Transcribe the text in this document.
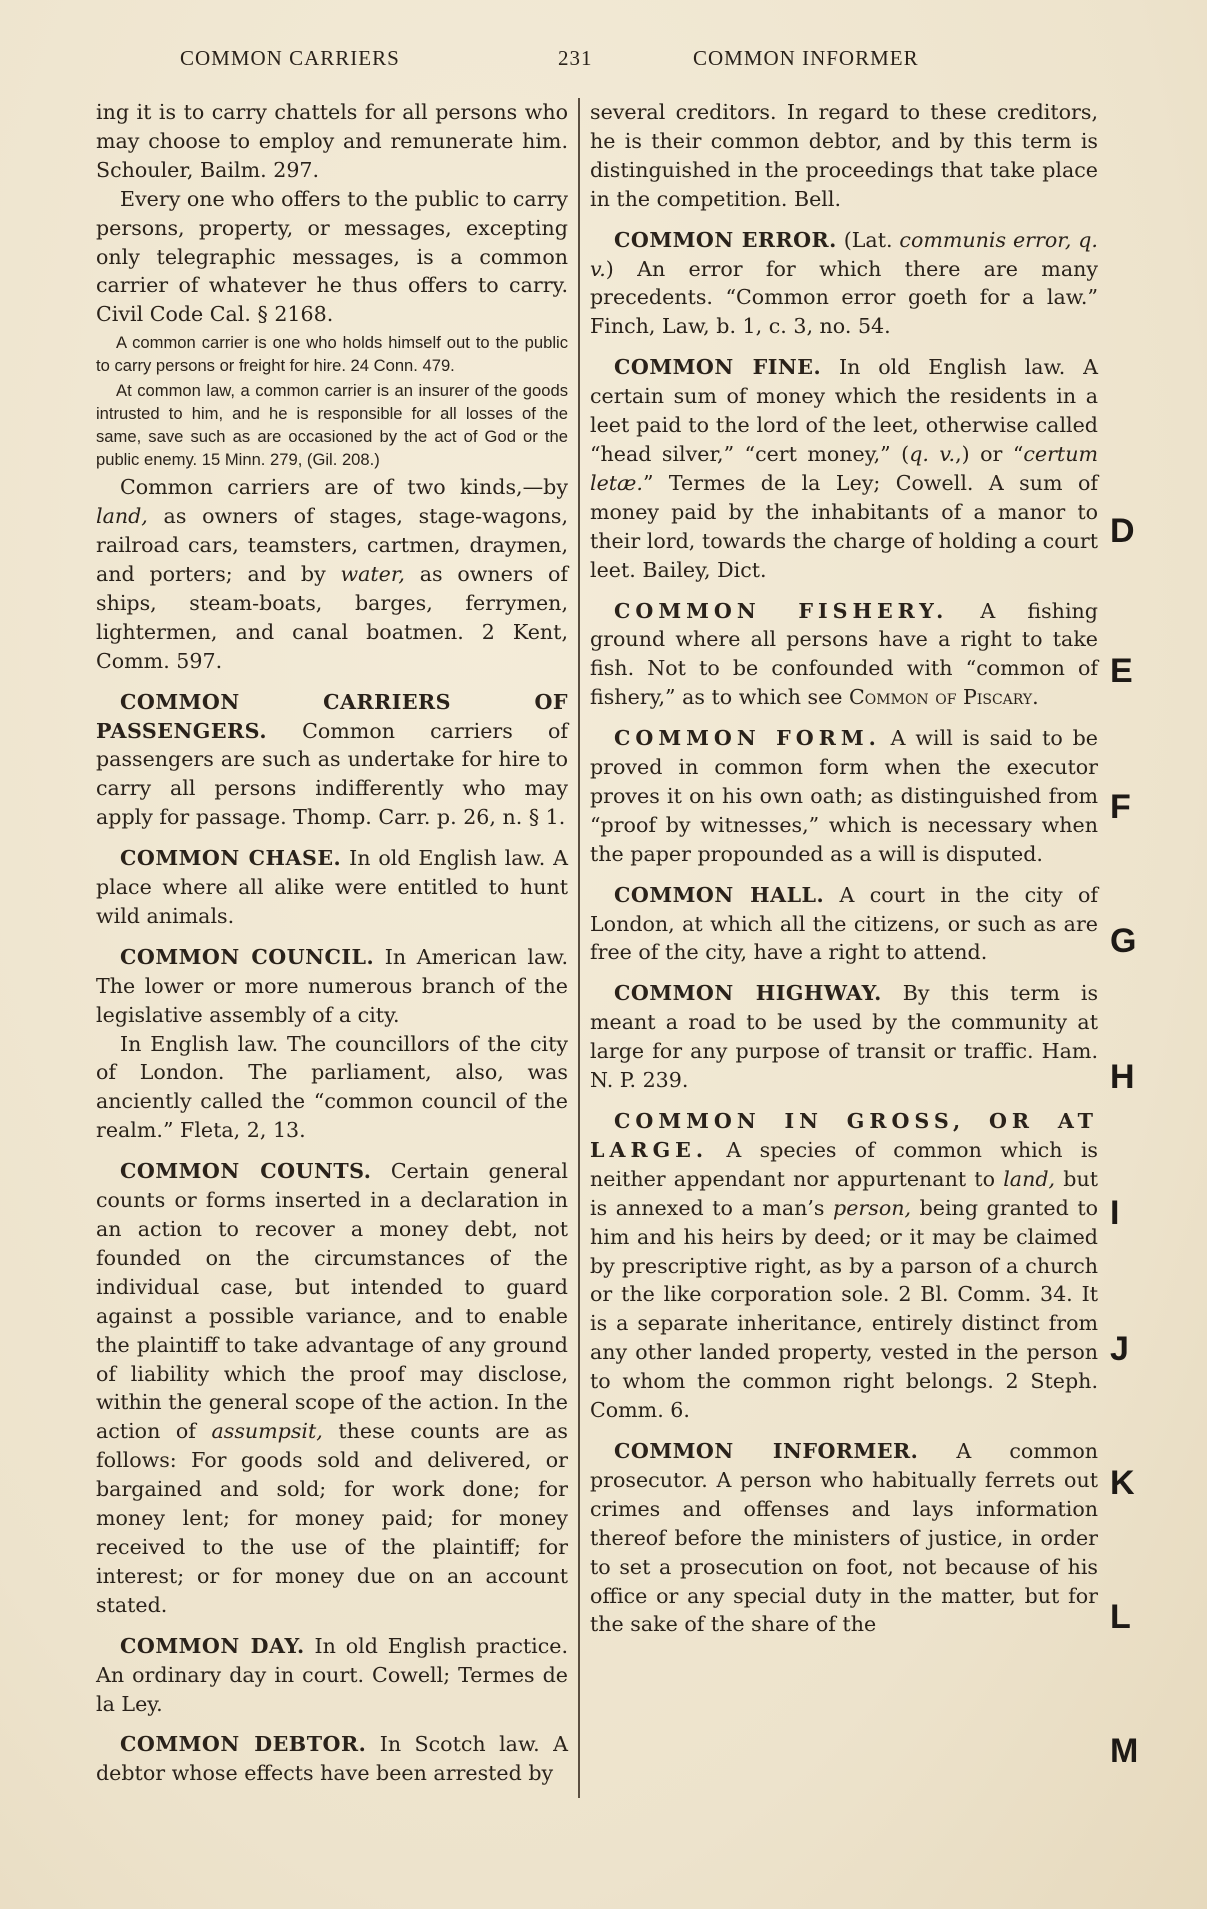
COMMON CARRIERS	231	COMMON INFORMER

ing it is to carry chattels for all persons who may choose to employ and remunerate him. Schouler, Bailm. 297.

Every one who offers to the public to carry persons, property, or messages, excepting only telegraphic messages, is a common carrier of whatever he thus offers to carry. Civil Code Cal. § 2168.

A common carrier is one who holds himself out to the public to carry persons or freight for hire. 24 Conn. 479.

At common law, a common carrier is an insurer of the goods intrusted to him, and he is responsible for all losses of the same, save such as are occasioned by the act of God or the public enemy. 15 Minn. 279, (Gil. 208.)

Common carriers are of two kinds,—by land, as owners of stages, stage-wagons, railroad cars, teamsters, cartmen, draymen, and porters; and by water, as owners of ships, steam-boats, barges, ferrymen, lightermen, and canal boatmen. 2 Kent, Comm. 597.

COMMON CARRIERS OF PASSENGERS. Common carriers of passengers are such as undertake for hire to carry all persons indifferently who may apply for passage. Thomp. Carr. p. 26, n. § 1.

COMMON CHASE. In old English law. A place where all alike were entitled to hunt wild animals.

COMMON COUNCIL. In American law. The lower or more numerous branch of the legislative assembly of a city.

In English law. The councillors of the city of London. The parliament, also, was anciently called the “common council of the realm.” Fleta, 2, 13.

COMMON COUNTS. Certain general counts or forms inserted in a declaration in an action to recover a money debt, not founded on the circumstances of the individual case, but intended to guard against a possible variance, and to enable the plaintiff to take advantage of any ground of liability which the proof may disclose, within the general scope of the action. In the action of assumpsit, these counts are as follows: For goods sold and delivered, or bargained and sold; for work done; for money lent; for money paid; for money received to the use of the plaintiff; for interest; or for money due on an account stated.

COMMON DAY. In old English practice. An ordinary day in court. Cowell; Termes de la Ley.

COMMON DEBTOR. In Scotch law. A debtor whose effects have been arrested by

several creditors. In regard to these creditors, he is their common debtor, and by this term is distinguished in the proceedings that take place in the competition. Bell.

COMMON ERROR. (Lat. communis error, q. v.) An error for which there are many precedents. “Common error goeth for a law.” Finch, Law, b. 1, c. 3, no. 54.

COMMON FINE. In old English law. A certain sum of money which the residents in a leet paid to the lord of the leet, otherwise called “head silver,” “cert money,” (q. v.,) or “certum letæ.” Termes de la Ley; Cowell. A sum of money paid by the inhabitants of a manor to their lord, towards the charge of holding a court leet. Bailey, Dict.

COMMON FISHERY. A fishing ground where all persons have a right to take fish. Not to be confounded with “common of fishery,” as to which see Common of Piscary.

COMMON FORM. A will is said to be proved in common form when the executor proves it on his own oath; as distinguished from “proof by witnesses,” which is necessary when the paper propounded as a will is disputed.

COMMON HALL. A court in the city of London, at which all the citizens, or such as are free of the city, have a right to attend.

COMMON HIGHWAY. By this term is meant a road to be used by the community at large for any purpose of transit or traffic. Ham. N. P. 239.

COMMON IN GROSS, OR AT LARGE. A species of common which is neither appendant nor appurtenant to land, but is annexed to a man’s person, being granted to him and his heirs by deed; or it may be claimed by prescriptive right, as by a parson of a church or the like corporation sole. 2 Bl. Comm. 34. It is a separate inheritance, entirely distinct from any other landed property, vested in the person to whom the common right belongs. 2 Steph. Comm. 6.

COMMON INFORMER. A common prosecutor. A person who habitually ferrets out crimes and offenses and lays information thereof before the ministers of justice, in order to set a prosecution on foot, not because of his office or any special duty in the matter, but for the sake of the share of the

D
E
F
G
H
I
J
K
L
M
